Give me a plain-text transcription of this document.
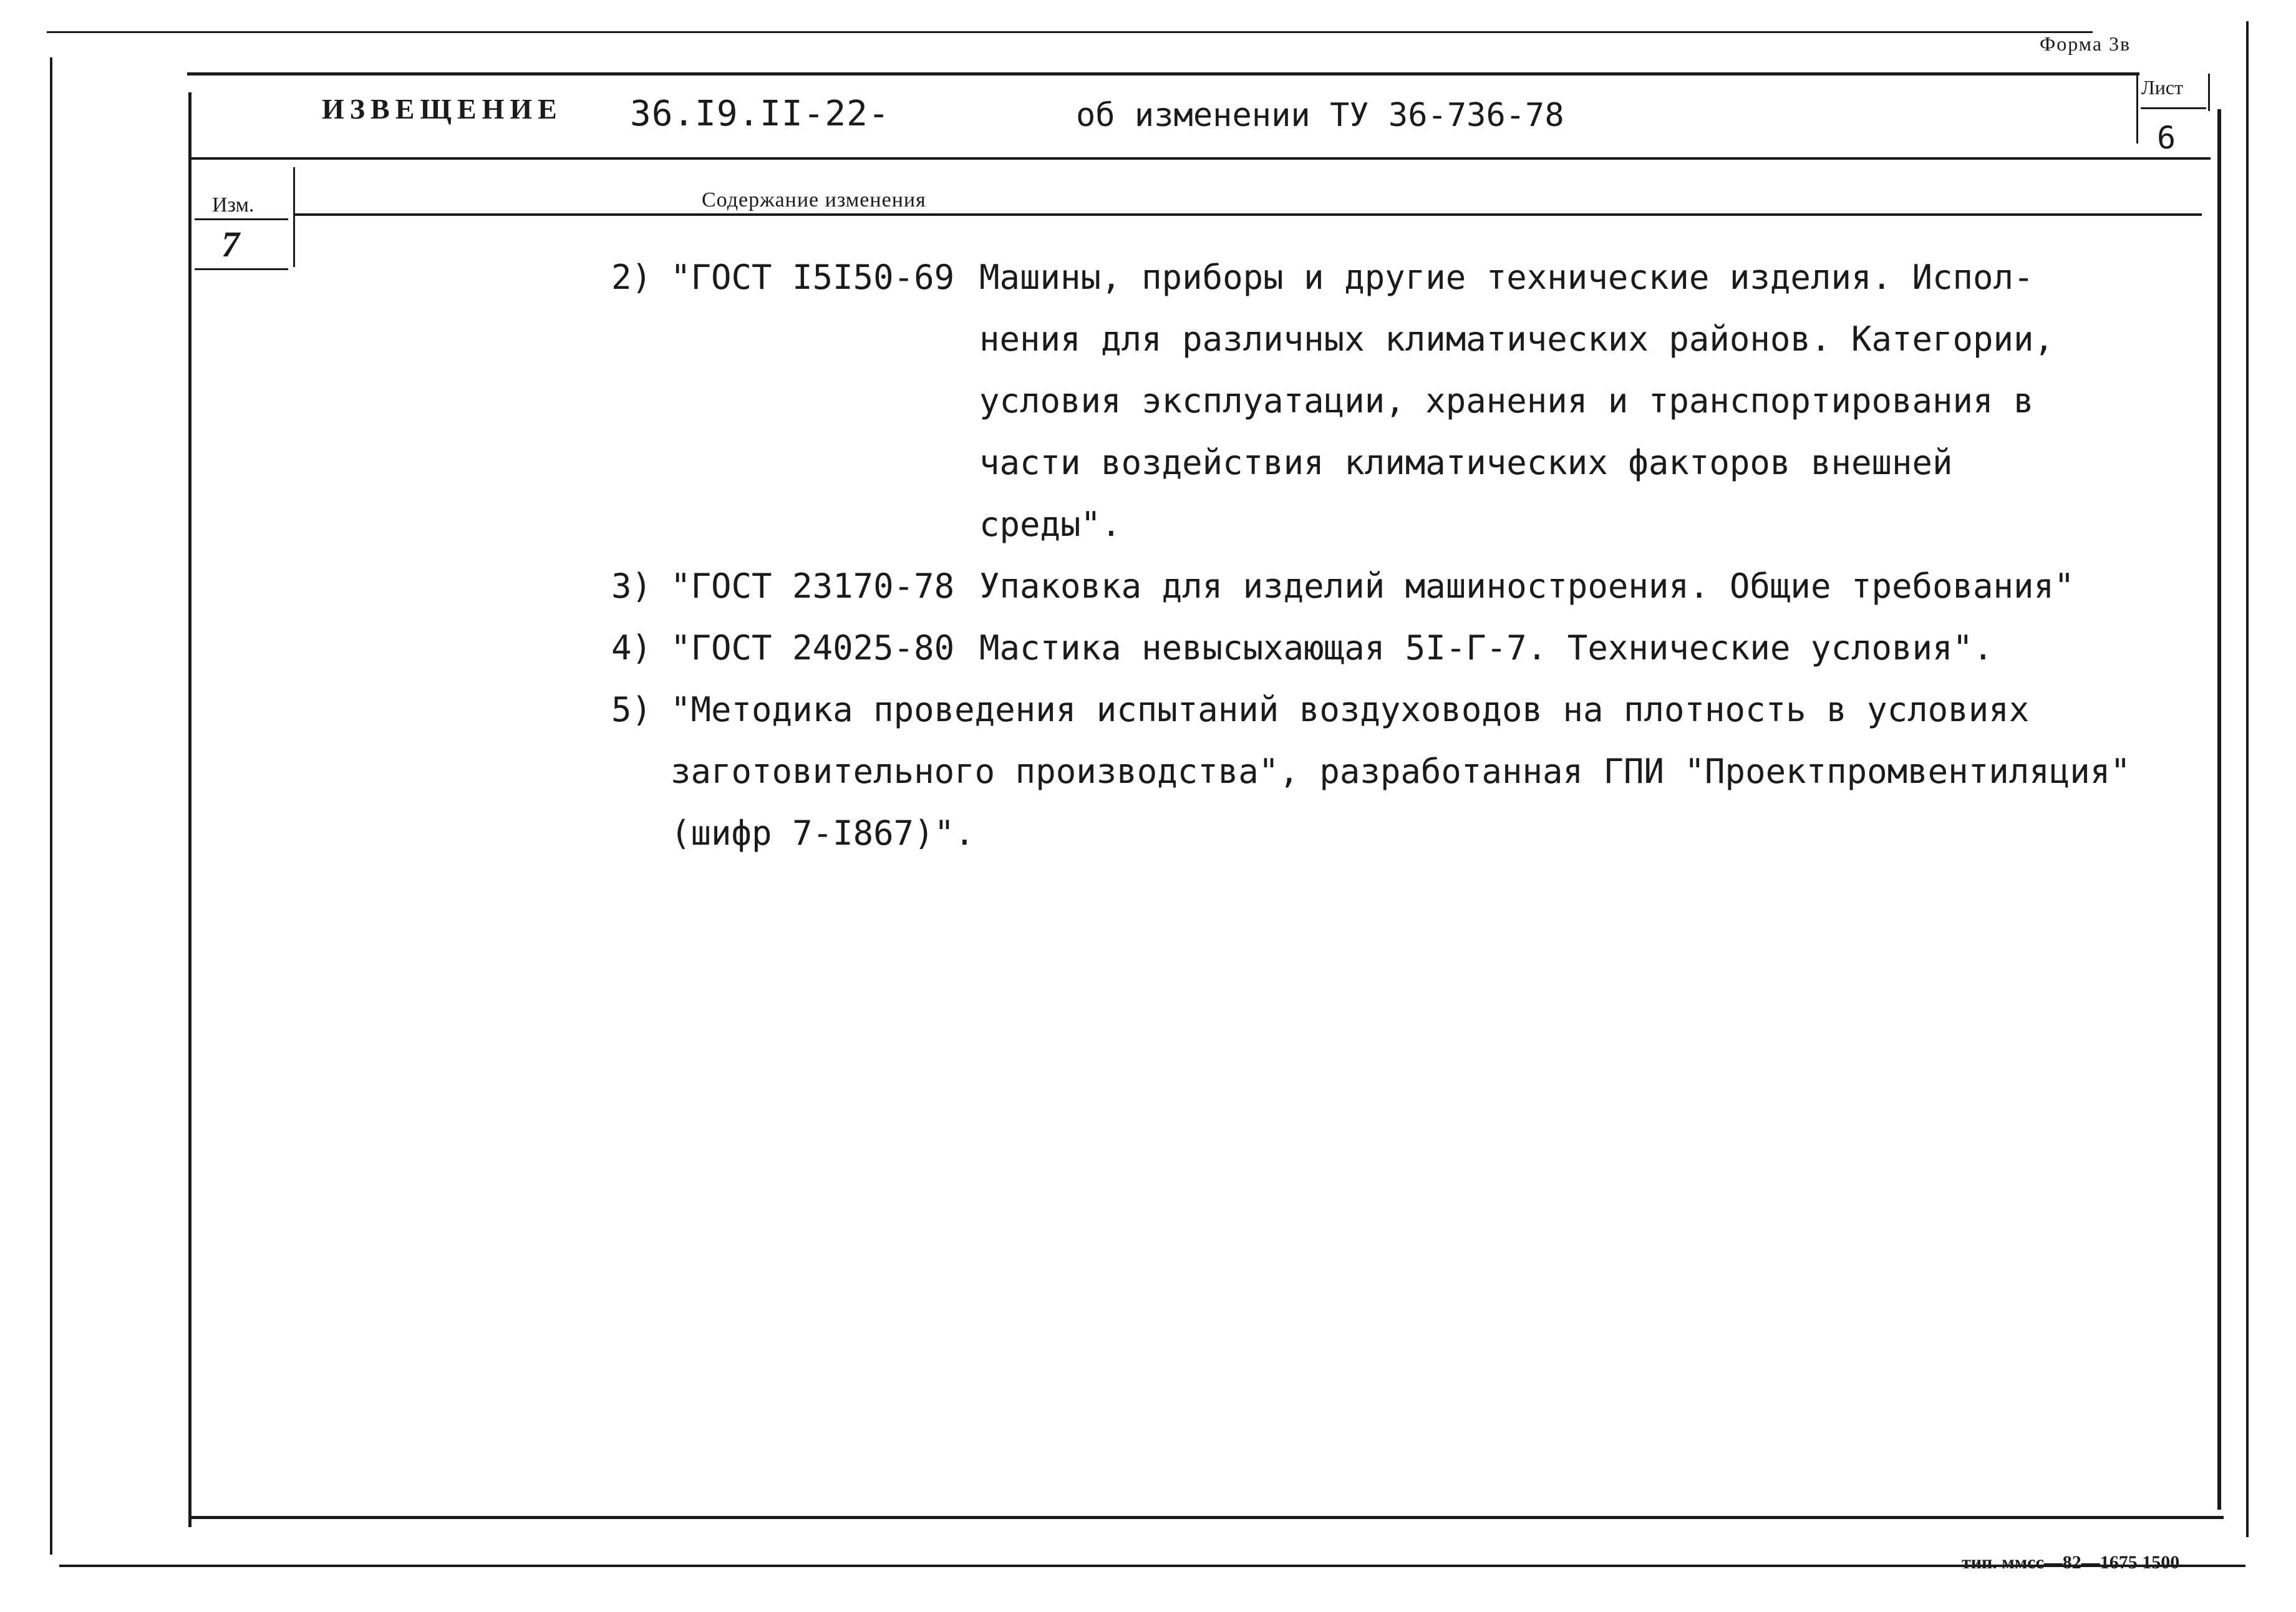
Форма 3в
ИЗВЕЩЕНИЕ 36.I9.II-22-	об изменении ТУ 36-736-78
Лист
6
Изм.	Содержание изменения
7
2) "ГОСТ I5I50-69 Машины, приборы и другие технические изделия. Испол-
нения для различных климатических районов. Категории,
условия эксплуатации, хранения и транспортирования в
части воздействия климатических факторов внешней
среды".
3) "ГОСТ 23170-78 Упаковка для изделий машиностроения. Общие требования"
4) "ГОСТ 24025-80 Мастика невысыхающая 5I-Г-7. Технические условия".
5) "Методика проведения испытаний воздуховодов на плотность в условиях
заготовительного производства", разработанная ГПИ "Проектпромвентиляция"
(шифр 7-I867)".
тип. ммсс—82—1675 1500
